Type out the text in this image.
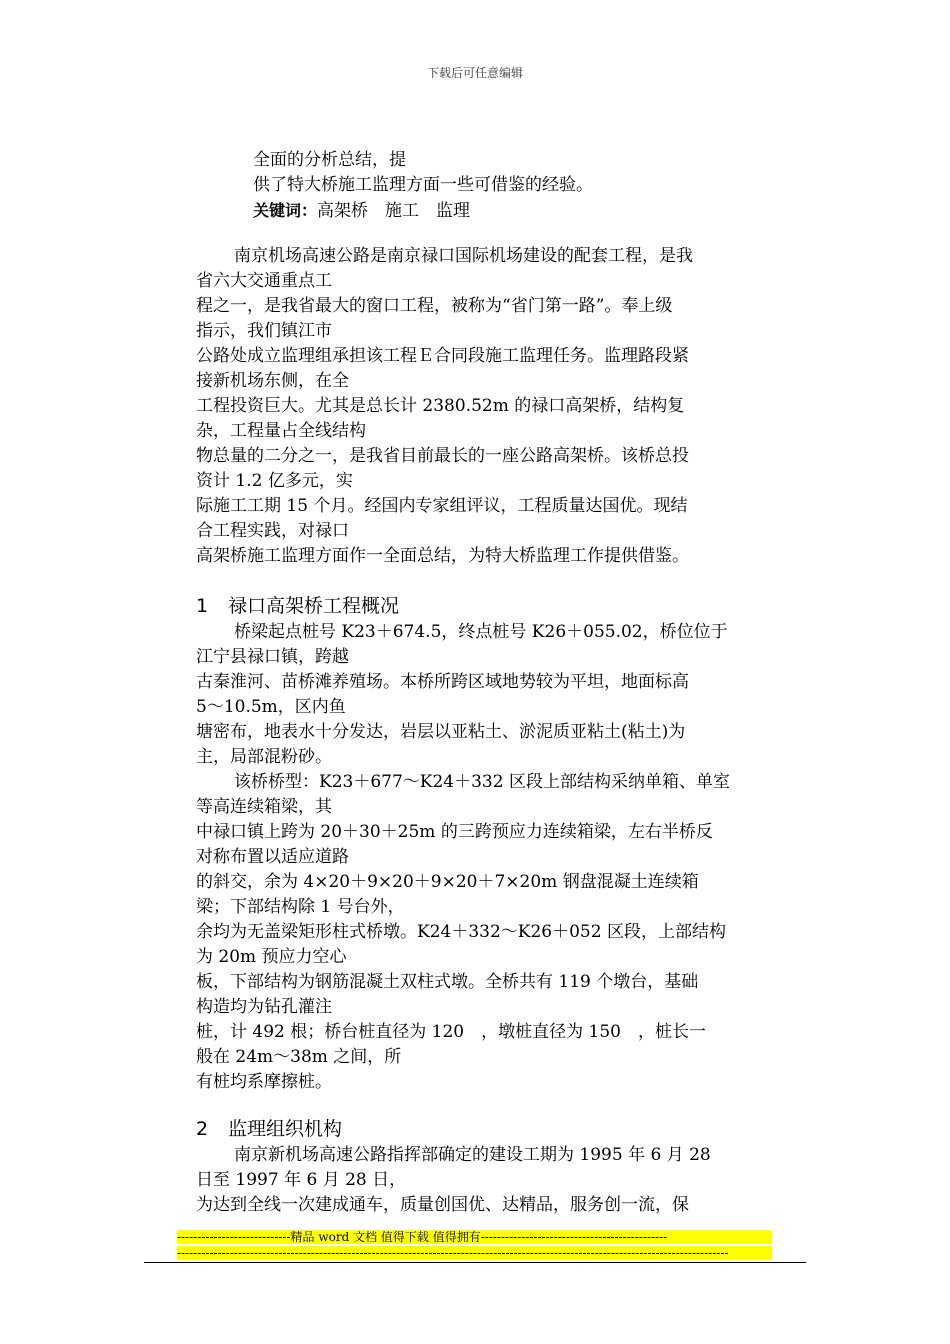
下载后可任意编辑
全面的分析总结，提
供了特大桥施工监理方面一些可借鉴的经验。
关键词：高架桥　施工　监理
南京机场高速公路是南京禄口国际机场建设的配套工程，是我
省六大交通重点工
程之一，是我省最大的窗口工程，被称为“省门第一路”。奉上级
指示，我们镇江市
公路处成立监理组承担该工程Ｅ合同段施工监理任务。监理路段紧
接新机场东侧，在全
工程投资巨大。尤其是总长计 2380.52m 的禄口高架桥，结构复
杂，工程量占全线结构
物总量的二分之一，是我省目前最长的一座公路高架桥。该桥总投
资计 1.2 亿多元，实
际施工工期 15 个月。经国内专家组评议，工程质量达国优。现结
合工程实践，对禄口
高架桥施工监理方面作一全面总结，为特大桥监理工作提供借鉴。
1 禄口高架桥工程概况
桥梁起点桩号 K23＋674.5，终点桩号 K26＋055.02，桥位位于
江宁县禄口镇，跨越
古秦淮河、苗桥滩养殖场。本桥所跨区域地势较为平坦，地面标高
5～10.5m，区内鱼
塘密布，地表水十分发达，岩层以亚粘土、淤泥质亚粘土(粘土)为
主，局部混粉砂。
该桥桥型：K23＋677～K24＋332 区段上部结构采纳单箱、单室
等高连续箱梁，其
中禄口镇上跨为 20＋30＋25m 的三跨预应力连续箱梁，左右半桥反
对称布置以适应道路
的斜交，余为 4×20＋9×20＋9×20＋7×20m 钢盘混凝土连续箱
梁；下部结构除 1 号台外，
余均为无盖梁矩形柱式桥墩。K24＋332～K26＋052 区段，上部结构
为 20m 预应力空心
板，下部结构为钢筋混凝土双柱式墩。全桥共有 119 个墩台，基础
构造均为钻孔灌注
桩，计 492 根；桥台桩直径为 120　，墩桩直径为 150　，桩长一
般在 24m～38m 之间，所
有桩均系摩擦桩。
2 监理组织机构
南京新机场高速公路指挥部确定的建设工期为 1995 年 6 月 28
日至 1997 年 6 月 28 日，
为达到全线一次建成通车，质量创国优、达精品，服务创一流，保
----------------------------精品 word 文档 值得下载 值得拥有----------------------------------------------
----------------------------------------------------------------------------------------------------------------------------------------
